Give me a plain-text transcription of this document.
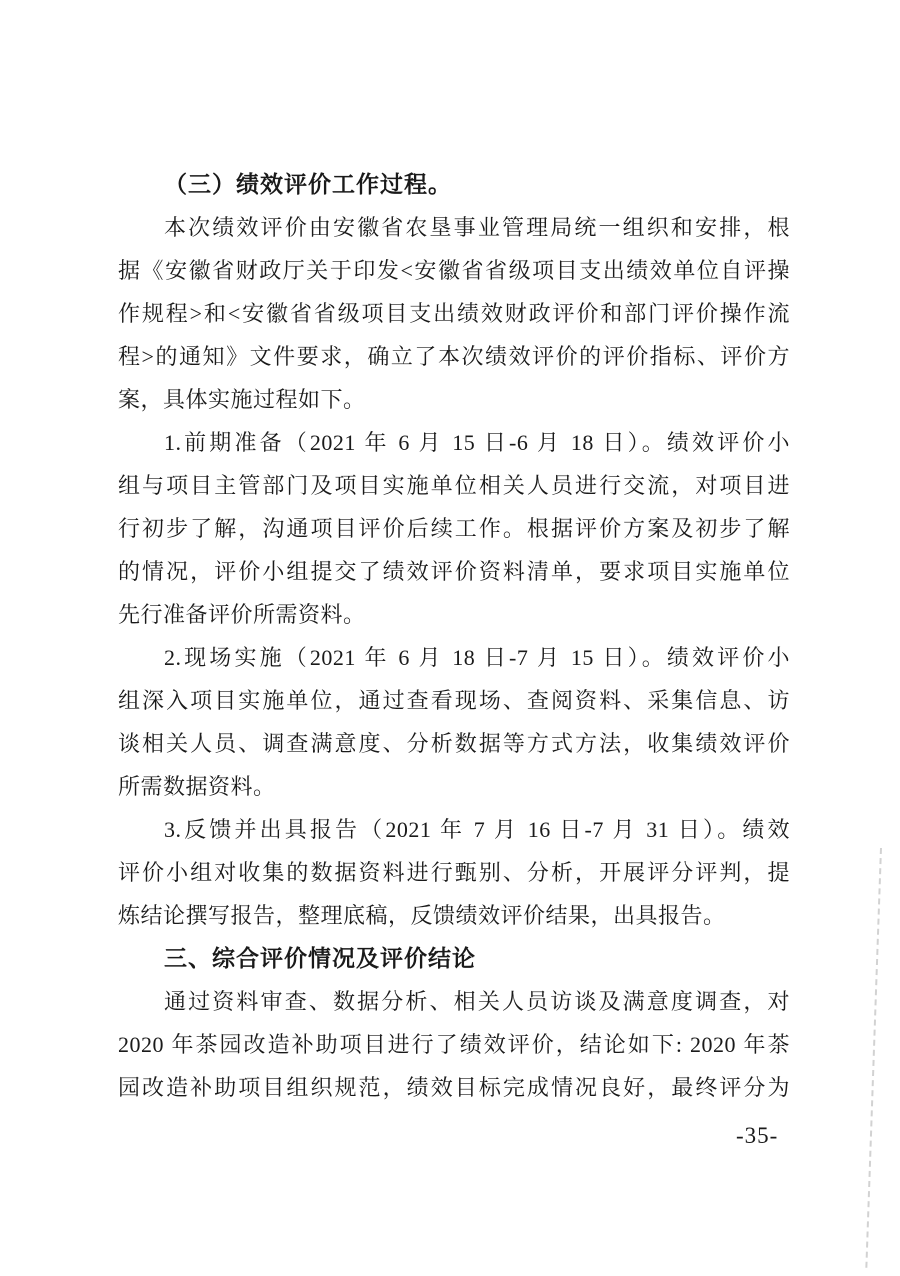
（三）绩效评价工作过程。
本次绩效评价由安徽省农垦事业管理局统一组织和安排，根
据《安徽省财政厅关于印发<安徽省省级项目支出绩效单位自评操
作规程>和<安徽省省级项目支出绩效财政评价和部门评价操作流
程>的通知》文件要求，确立了本次绩效评价的评价指标、评价方
案，具体实施过程如下。
1.前期准备（2021 年 6 月 15 日-6 月 18 日）。绩效评价小
组与项目主管部门及项目实施单位相关人员进行交流，对项目进
行初步了解，沟通项目评价后续工作。根据评价方案及初步了解
的情况，评价小组提交了绩效评价资料清单，要求项目实施单位
先行准备评价所需资料。
2.现场实施（2021 年 6 月 18 日-7 月 15 日）。绩效评价小
组深入项目实施单位，通过查看现场、查阅资料、采集信息、访
谈相关人员、调查满意度、分析数据等方式方法，收集绩效评价
所需数据资料。
3.反馈并出具报告（2021 年 7 月 16 日-7 月 31 日）。绩效
评价小组对收集的数据资料进行甄别、分析，开展评分评判，提
炼结论撰写报告，整理底稿，反馈绩效评价结果，出具报告。
三、综合评价情况及评价结论
通过资料审查、数据分析、相关人员访谈及满意度调查，对
2020 年茶园改造补助项目进行了绩效评价，结论如下: 2020 年茶
园改造补助项目组织规范，绩效目标完成情况良好，最终评分为
-35-
